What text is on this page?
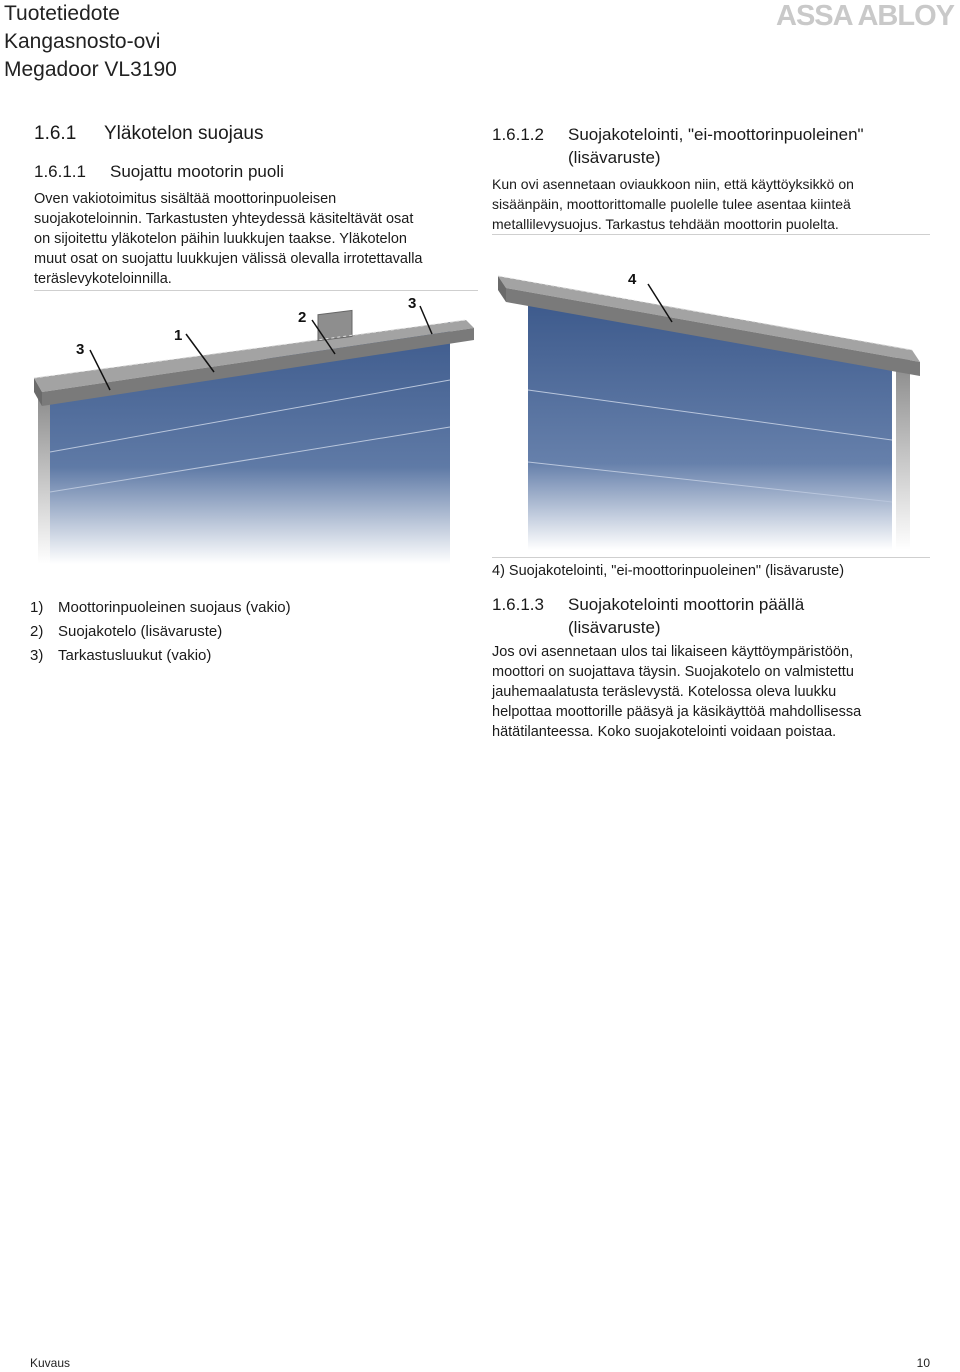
Tuotetiedote
Kangasnosto-ovi
Megadoor VL3190
ASSA ABLOY
1.6.1 Yläkotelon suojaus
1.6.1.1 Suojattu mootorin puoli
Oven vakiotoimitus sisältää moottorinpuoleisen
suojakoteloinnin. Tarkastusten yhteydessä käsiteltävät osat
on sijoitettu yläkotelon päihin luukkujen taakse. Yläkotelon
muut osat on suojattu luukkujen välissä olevalla irrotettavalla
teräslevykoteloinnilla.
3
1
2
3
1) Moottorinpuoleinen suojaus (vakio)
2) Suojakotelo (lisävaruste)
3) Tarkastusluukut (vakio)
1.6.1.2	Suojakotelointi, "ei-moottorinpuoleinen"
(lisävaruste)
Kun ovi asennetaan oviaukkoon niin, että käyttöyksikkö on
sisäänpäin, moottorittomalle puolelle tulee asentaa kiinteä
metallilevysuojus. Tarkastus tehdään moottorin puolelta.
4
4) Suojakotelointi, "ei-moottorinpuoleinen" (lisävaruste)
1.6.1.3	Suojakotelointi moottorin päällä
(lisävaruste)
Jos ovi asennetaan ulos tai likaiseen käyttöympäristöön,
moottori on suojattava täysin. Suojakotelo on valmistettu
jauhemaalatusta teräslevystä. Kotelossa oleva luukku
helpottaa moottorille pääsyä ja käsikäyttöä mahdollisessa
hätätilanteessa. Koko suojakotelointi voidaan poistaa.
Kuvaus	10
